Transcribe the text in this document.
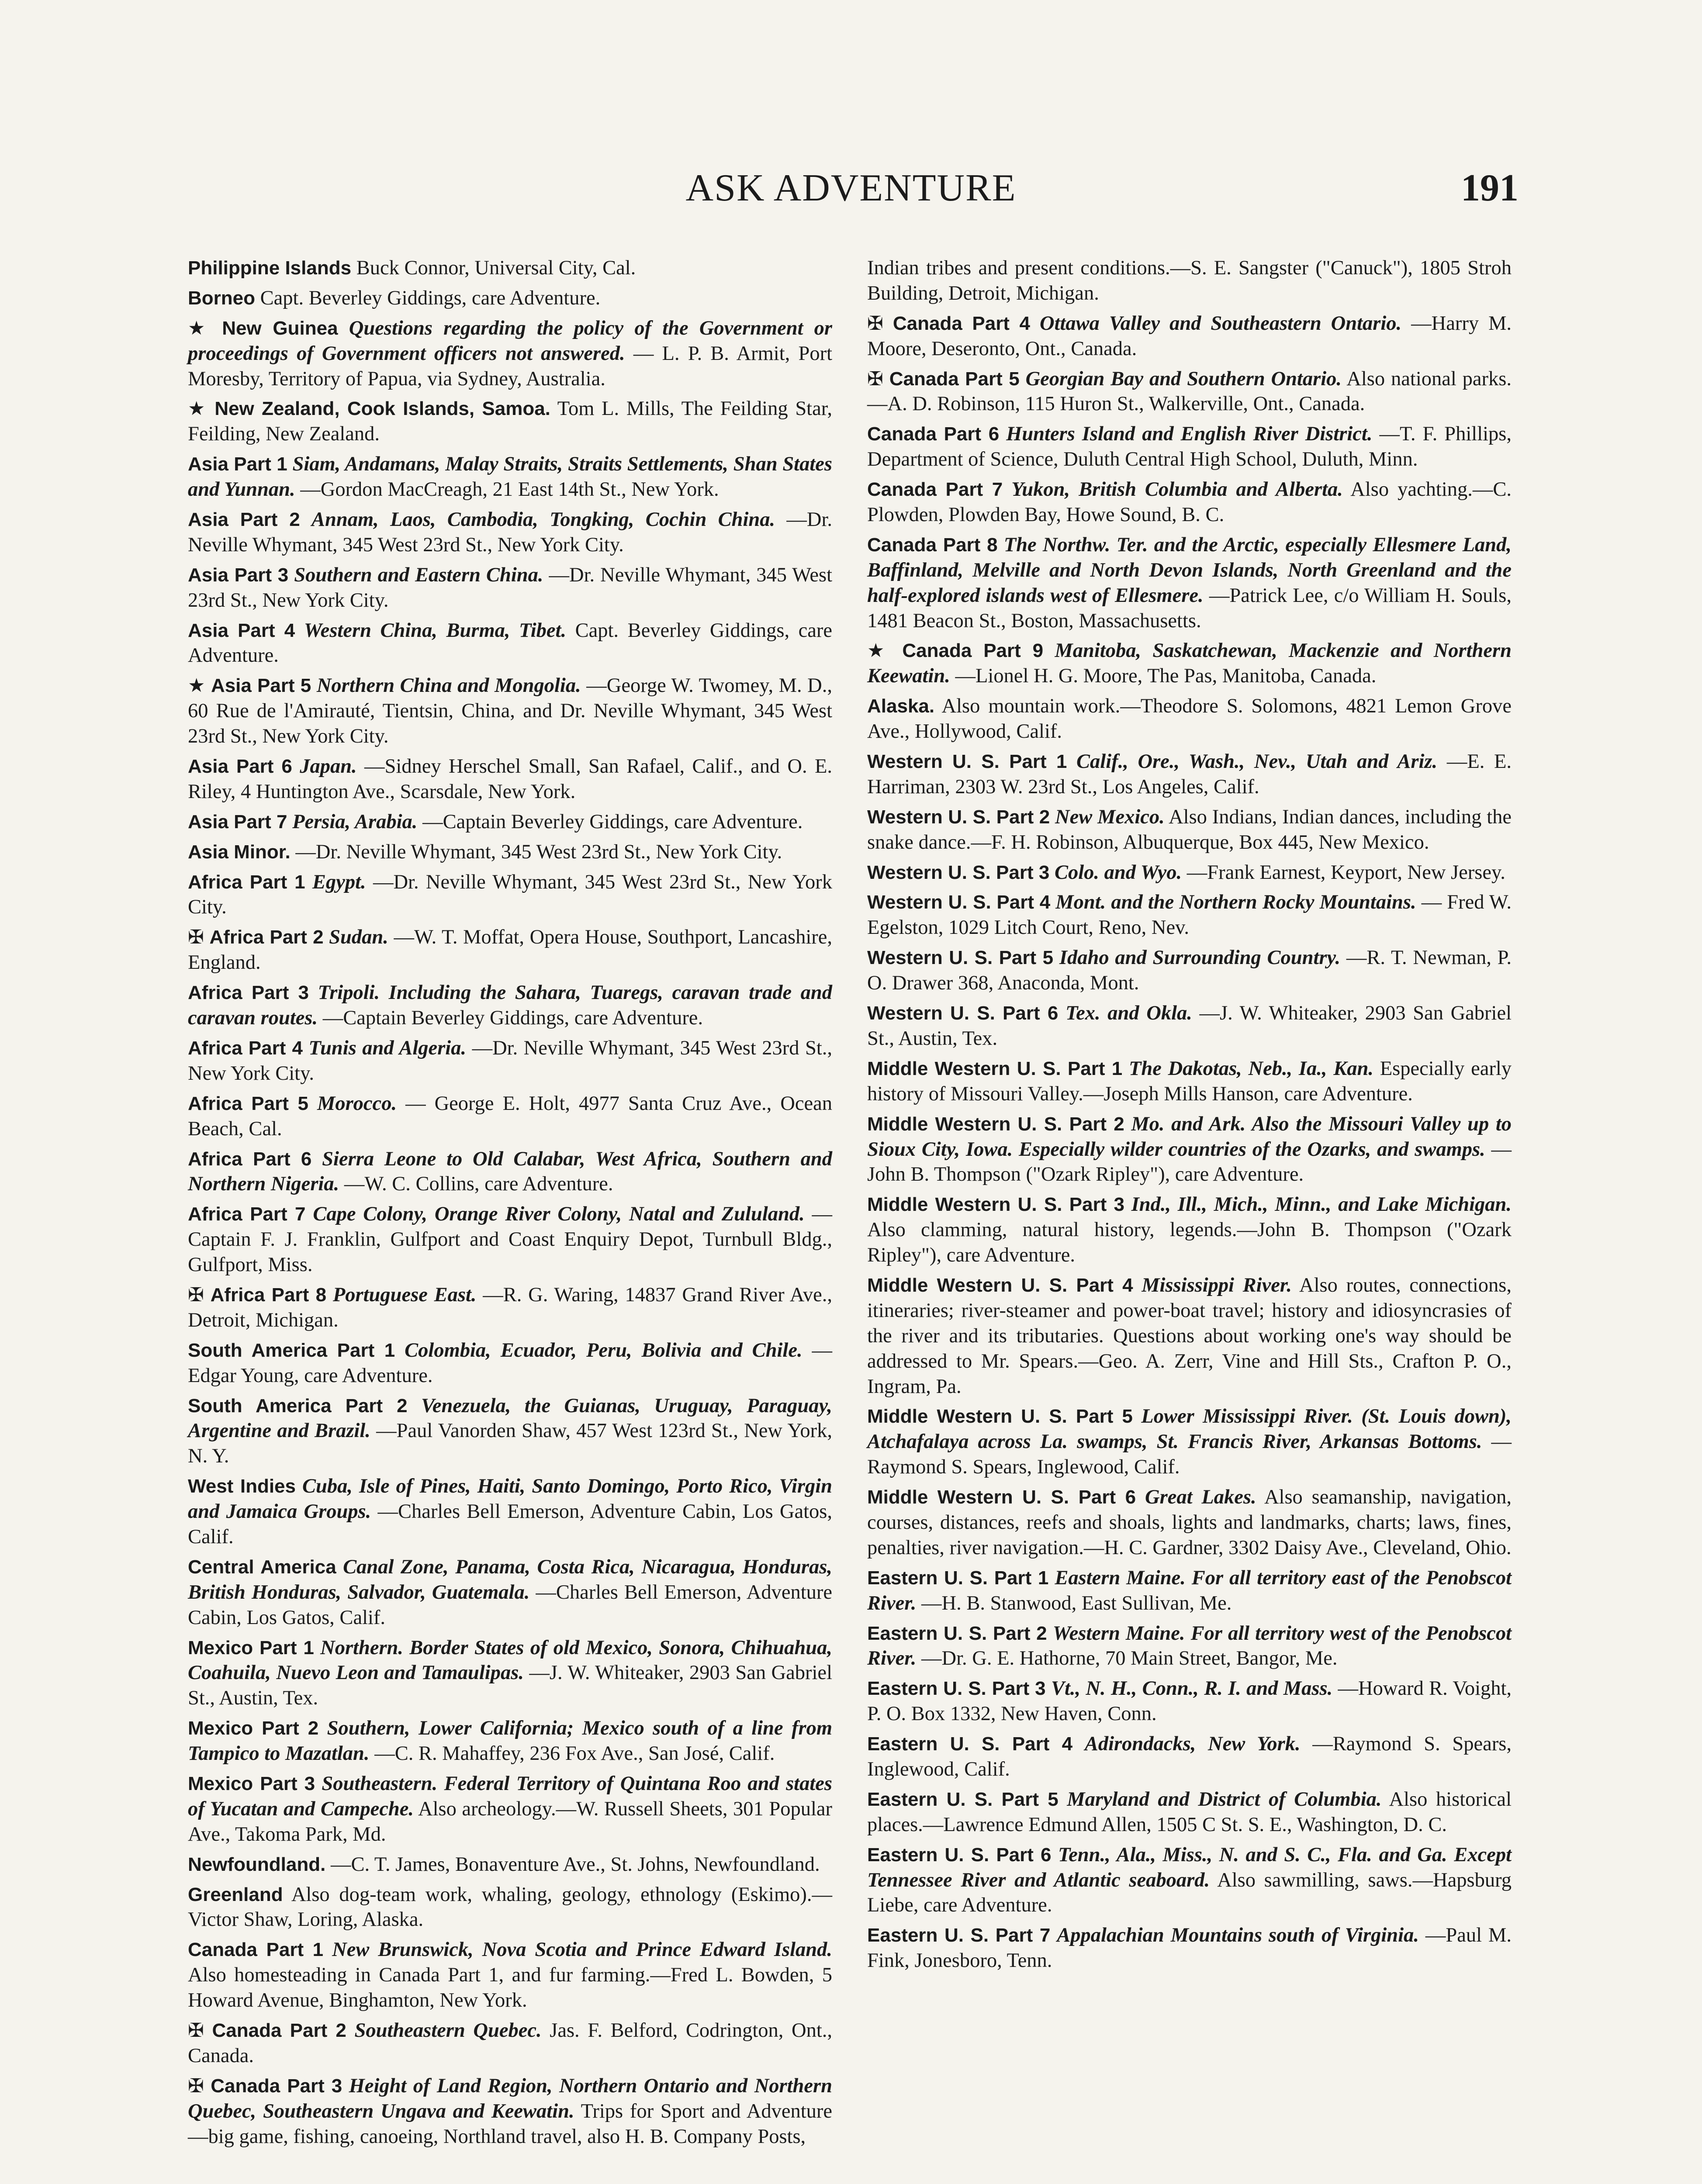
ASK ADVENTURE	191
Philippine Islands Buck Connor, Universal City, Cal.
Borneo Capt. Beverley Giddings, care Adventure.
★ New Guinea Questions regarding the policy of the Government or proceedings of Government officers not answered. — L. P. B. Armit, Port Moresby, Territory of Papua, via Sydney, Australia.
★ New Zealand, Cook Islands, Samoa. Tom L. Mills, The Feilding Star, Feilding, New Zealand.
Asia Part 1 Siam, Andamans, Malay Straits, Straits Settlements, Shan States and Yunnan. —Gordon MacCreagh, 21 East 14th St., New York.
Asia Part 2 Annam, Laos, Cambodia, Tongking, Cochin China. —Dr. Neville Whymant, 345 West 23rd St., New York City.
Asia Part 3 Southern and Eastern China. —Dr. Neville Whymant, 345 West 23rd St., New York City.
Asia Part 4 Western China, Burma, Tibet. Capt. Beverley Giddings, care Adventure.
★ Asia Part 5 Northern China and Mongolia. —George W. Twomey, M. D., 60 Rue de l'Amirauté, Tientsin, China, and Dr. Neville Whymant, 345 West 23rd St., New York City.
Asia Part 6 Japan. —Sidney Herschel Small, San Rafael, Calif., and O. E. Riley, 4 Huntington Ave., Scarsdale, New York.
Asia Part 7 Persia, Arabia. —Captain Beverley Giddings, care Adventure.
Asia Minor. —Dr. Neville Whymant, 345 West 23rd St., New York City.
Africa Part 1 Egypt. —Dr. Neville Whymant, 345 West 23rd St., New York City.
✠ Africa Part 2 Sudan. —W. T. Moffat, Opera House, Southport, Lancashire, England.
Africa Part 3 Tripoli. Including the Sahara, Tuaregs, caravan trade and caravan routes. —Captain Beverley Giddings, care Adventure.
Africa Part 4 Tunis and Algeria. —Dr. Neville Whymant, 345 West 23rd St., New York City.
Africa Part 5 Morocco. — George E. Holt, 4977 Santa Cruz Ave., Ocean Beach, Cal.
Africa Part 6 Sierra Leone to Old Calabar, West Africa, Southern and Northern Nigeria. —W. C. Collins, care Adventure.
Africa Part 7 Cape Colony, Orange River Colony, Natal and Zululand. —Captain F. J. Franklin, Gulfport and Coast Enquiry Depot, Turnbull Bldg., Gulfport, Miss.
✠ Africa Part 8 Portuguese East. —R. G. Waring, 14837 Grand River Ave., Detroit, Michigan.
South America Part 1 Colombia, Ecuador, Peru, Bolivia and Chile. —Edgar Young, care Adventure.
South America Part 2 Venezuela, the Guianas, Uruguay, Paraguay, Argentine and Brazil. —Paul Vanorden Shaw, 457 West 123rd St., New York, N. Y.
West Indies Cuba, Isle of Pines, Haiti, Santo Domingo, Porto Rico, Virgin and Jamaica Groups. —Charles Bell Emerson, Adventure Cabin, Los Gatos, Calif.
Central America Canal Zone, Panama, Costa Rica, Nicaragua, Honduras, British Honduras, Salvador, Guatemala. —Charles Bell Emerson, Adventure Cabin, Los Gatos, Calif.
Mexico Part 1 Northern. Border States of old Mexico, Sonora, Chihuahua, Coahuila, Nuevo Leon and Tamaulipas. —J. W. Whiteaker, 2903 San Gabriel St., Austin, Tex.
Mexico Part 2 Southern, Lower California; Mexico south of a line from Tampico to Mazatlan. —C. R. Mahaffey, 236 Fox Ave., San José, Calif.
Mexico Part 3 Southeastern. Federal Territory of Quintana Roo and states of Yucatan and Campeche. Also archeology.—W. Russell Sheets, 301 Popular Ave., Takoma Park, Md.
Newfoundland. —C. T. James, Bonaventure Ave., St. Johns, Newfoundland.
Greenland Also dog-team work, whaling, geology, ethnology (Eskimo).—Victor Shaw, Loring, Alaska.
Canada Part 1 New Brunswick, Nova Scotia and Prince Edward Island. Also homesteading in Canada Part 1, and fur farming.—Fred L. Bowden, 5 Howard Avenue, Binghamton, New York.
✠ Canada Part 2 Southeastern Quebec. Jas. F. Belford, Codrington, Ont., Canada.
✠ Canada Part 3 Height of Land Region, Northern Ontario and Northern Quebec, Southeastern Ungava and Keewatin. Trips for Sport and Adventure—big game, fishing, canoeing, Northland travel, also H. B. Company Posts,
Indian tribes and present conditions.—S. E. Sangster ("Canuck"), 1805 Stroh Building, Detroit, Michigan.
✠ Canada Part 4 Ottawa Valley and Southeastern Ontario. —Harry M. Moore, Deseronto, Ont., Canada.
✠ Canada Part 5 Georgian Bay and Southern Ontario. Also national parks.—A. D. Robinson, 115 Huron St., Walkerville, Ont., Canada.
Canada Part 6 Hunters Island and English River District. —T. F. Phillips, Department of Science, Duluth Central High School, Duluth, Minn.
Canada Part 7 Yukon, British Columbia and Alberta. Also yachting.—C. Plowden, Plowden Bay, Howe Sound, B. C.
Canada Part 8 The Northw. Ter. and the Arctic, especially Ellesmere Land, Baffinland, Melville and North Devon Islands, North Greenland and the half-explored islands west of Ellesmere. —Patrick Lee, c/o William H. Souls, 1481 Beacon St., Boston, Massachusetts.
★ Canada Part 9 Manitoba, Saskatchewan, Mackenzie and Northern Keewatin. —Lionel H. G. Moore, The Pas, Manitoba, Canada.
Alaska. Also mountain work.—Theodore S. Solomons, 4821 Lemon Grove Ave., Hollywood, Calif.
Western U. S. Part 1 Calif., Ore., Wash., Nev., Utah and Ariz. —E. E. Harriman, 2303 W. 23rd St., Los Angeles, Calif.
Western U. S. Part 2 New Mexico. Also Indians, Indian dances, including the snake dance.—F. H. Robinson, Albuquerque, Box 445, New Mexico.
Western U. S. Part 3 Colo. and Wyo. —Frank Earnest, Keyport, New Jersey.
Western U. S. Part 4 Mont. and the Northern Rocky Mountains. — Fred W. Egelston, 1029 Litch Court, Reno, Nev.
Western U. S. Part 5 Idaho and Surrounding Country. —R. T. Newman, P. O. Drawer 368, Anaconda, Mont.
Western U. S. Part 6 Tex. and Okla. —J. W. Whiteaker, 2903 San Gabriel St., Austin, Tex.
Middle Western U. S. Part 1 The Dakotas, Neb., Ia., Kan. Especially early history of Missouri Valley.—Joseph Mills Hanson, care Adventure.
Middle Western U. S. Part 2 Mo. and Ark. Also the Missouri Valley up to Sioux City, Iowa. Especially wilder countries of the Ozarks, and swamps. —John B. Thompson ("Ozark Ripley"), care Adventure.
Middle Western U. S. Part 3 Ind., Ill., Mich., Minn., and Lake Michigan. Also clamming, natural history, legends.—John B. Thompson ("Ozark Ripley"), care Adventure.
Middle Western U. S. Part 4 Mississippi River. Also routes, connections, itineraries; river-steamer and power-boat travel; history and idiosyncrasies of the river and its tributaries. Questions about working one's way should be addressed to Mr. Spears.—Geo. A. Zerr, Vine and Hill Sts., Crafton P. O., Ingram, Pa.
Middle Western U. S. Part 5 Lower Mississippi River. (St. Louis down), Atchafalaya across La. swamps, St. Francis River, Arkansas Bottoms. —Raymond S. Spears, Inglewood, Calif.
Middle Western U. S. Part 6 Great Lakes. Also seamanship, navigation, courses, distances, reefs and shoals, lights and landmarks, charts; laws, fines, penalties, river navigation.—H. C. Gardner, 3302 Daisy Ave., Cleveland, Ohio.
Eastern U. S. Part 1 Eastern Maine. For all territory east of the Penobscot River. —H. B. Stanwood, East Sullivan, Me.
Eastern U. S. Part 2 Western Maine. For all territory west of the Penobscot River. —Dr. G. E. Hathorne, 70 Main Street, Bangor, Me.
Eastern U. S. Part 3 Vt., N. H., Conn., R. I. and Mass. —Howard R. Voight, P. O. Box 1332, New Haven, Conn.
Eastern U. S. Part 4 Adirondacks, New York. —Raymond S. Spears, Inglewood, Calif.
Eastern U. S. Part 5 Maryland and District of Columbia. Also historical places.—Lawrence Edmund Allen, 1505 C St. S. E., Washington, D. C.
Eastern U. S. Part 6 Tenn., Ala., Miss., N. and S. C., Fla. and Ga. Except Tennessee River and Atlantic seaboard. Also sawmilling, saws.—Hapsburg Liebe, care Adventure.
Eastern U. S. Part 7 Appalachian Mountains south of Virginia. —Paul M. Fink, Jonesboro, Tenn.
